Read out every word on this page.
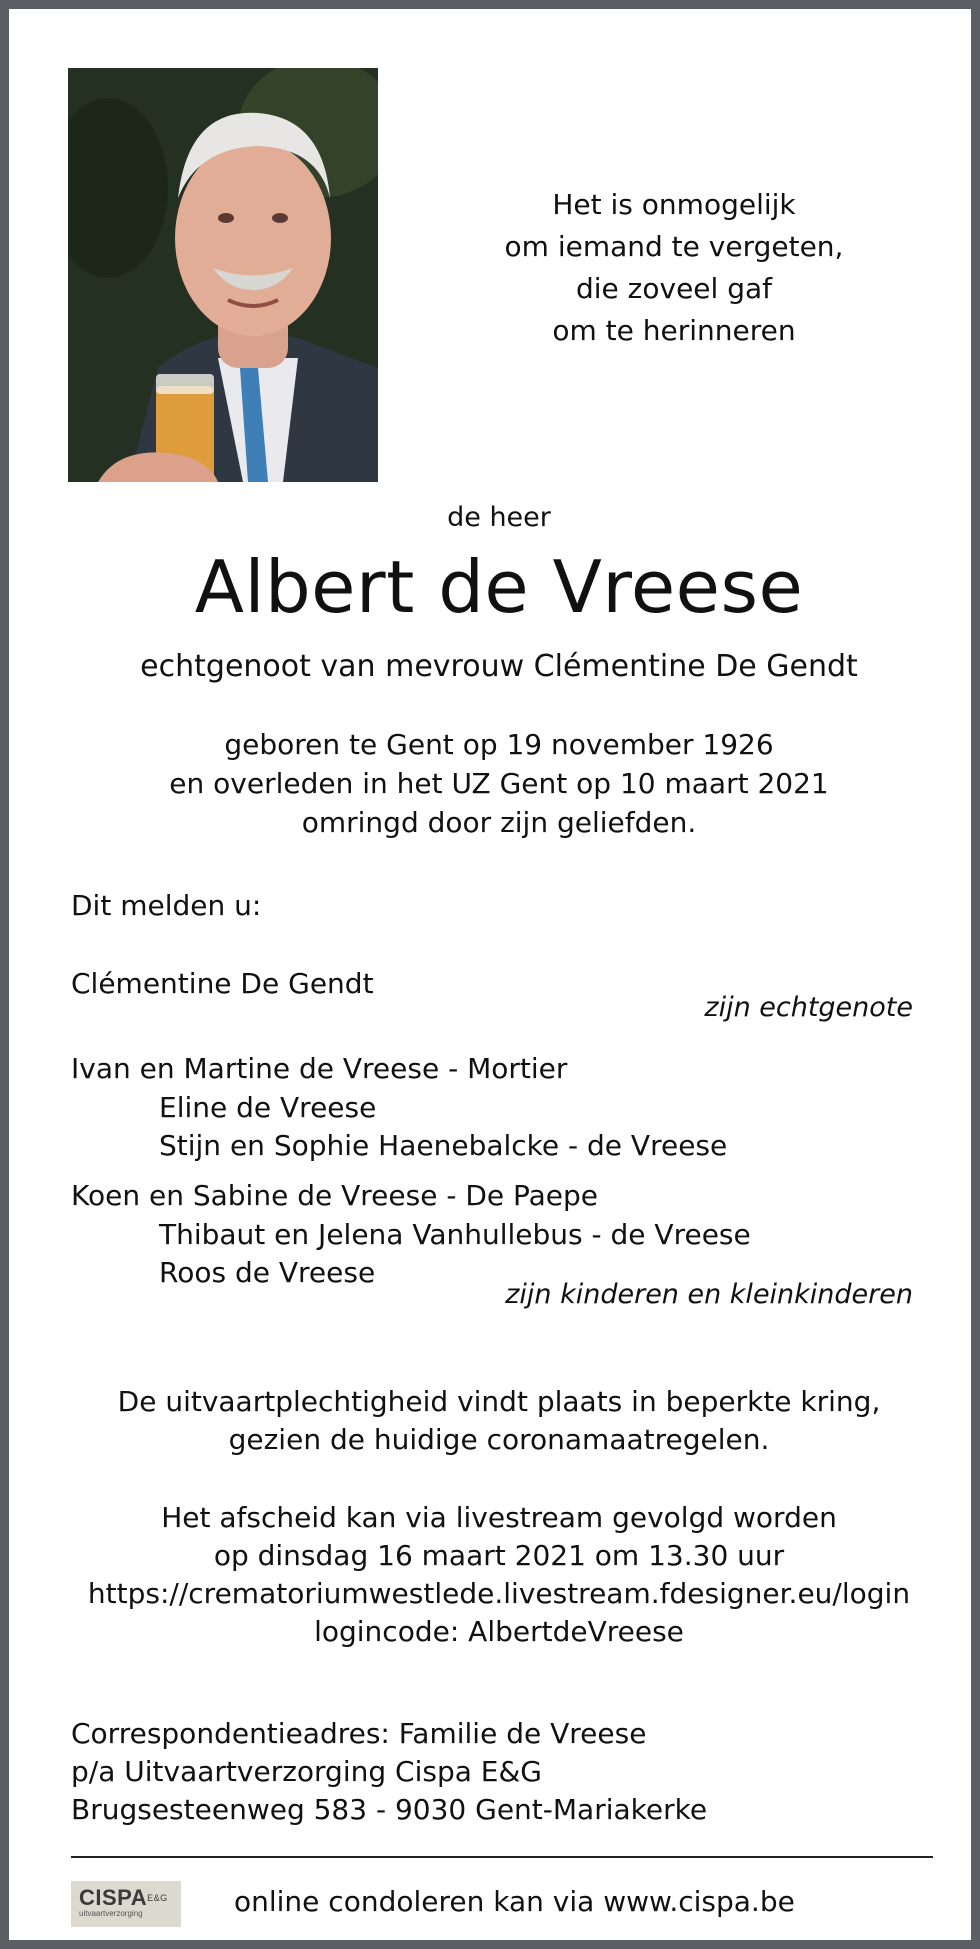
Het is onmogelijk
om iemand te vergeten,
die zoveel gaf
om te herinneren
de heer
Albert de Vreese
echtgenoot van mevrouw Clémentine De Gendt
geboren te Gent op 19 november 1926
en overleden in het UZ Gent op 10 maart 2021
omringd door zijn geliefden.
Dit melden u:
Clémentine De Gendt
zijn echtgenote
Ivan en Martine de Vreese - Mortier
Eline de Vreese
Stijn en Sophie Haenebalcke - de Vreese
Koen en Sabine de Vreese - De Paepe
Thibaut en Jelena Vanhullebus - de Vreese
Roos de Vreese
zijn kinderen en kleinkinderen
De uitvaartplechtigheid vindt plaats in beperkte kring,
gezien de huidige coronamaatregelen.
Het afscheid kan via livestream gevolgd worden
op dinsdag 16 maart 2021 om 13.30 uur
https://crematoriumwestlede.livestream.fdesigner.eu/login
logincode: AlbertdeVreese
Correspondentieadres: Familie de Vreese
p/a Uitvaartverzorging Cispa E&G
Brugsesteenweg 583 - 9030 Gent-Mariakerke
$CISPA^{E\&G}$
uitvaartverzorging	online condoleren kan via www.cispa.be
